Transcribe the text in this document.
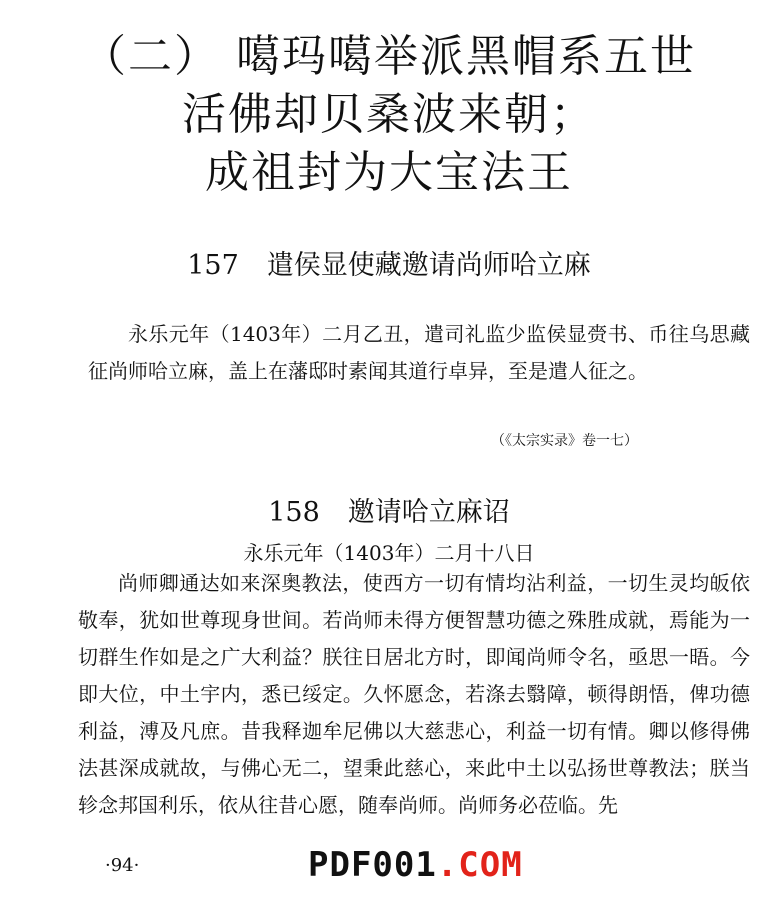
（二） 噶玛噶举派黑帽系五世
活佛却贝桑波来朝；
成祖封为大宝法王
157 遣侯显使藏邀请尚师哈立麻

永乐元年（1403年）二月乙丑，遣司礼监少监侯显赍书、币往乌思藏征尚师哈立麻，盖上在藩邸时素闻其道行卓异，至是遣人征之。

（《太宗实录》卷一七）

158 邀请哈立麻诏

永乐元年（1403年）二月十八日

尚师卿通达如来深奥教法，使西方一切有情均沾利益，一切生灵均皈依敬奉，犹如世尊现身世间。若尚师未得方便智慧功德之殊胜成就，焉能为一切群生作如是之广大利益？朕往日居北方时，即闻尚师令名，亟思一晤。今即大位，中土宇内，悉已绥定。久怀愿念，若涤去翳障，顿得朗悟，俾功德利益，溥及凡庶。昔我释迦牟尼佛以大慈悲心，利益一切有情。卿以修得佛法甚深成就故，与佛心无二，望秉此慈心，来此中土以弘扬世尊教法；朕当轸念邦国利乐，依从往昔心愿，随奉尚师。尚师务必莅临。先

·94·	PDF001.COM
